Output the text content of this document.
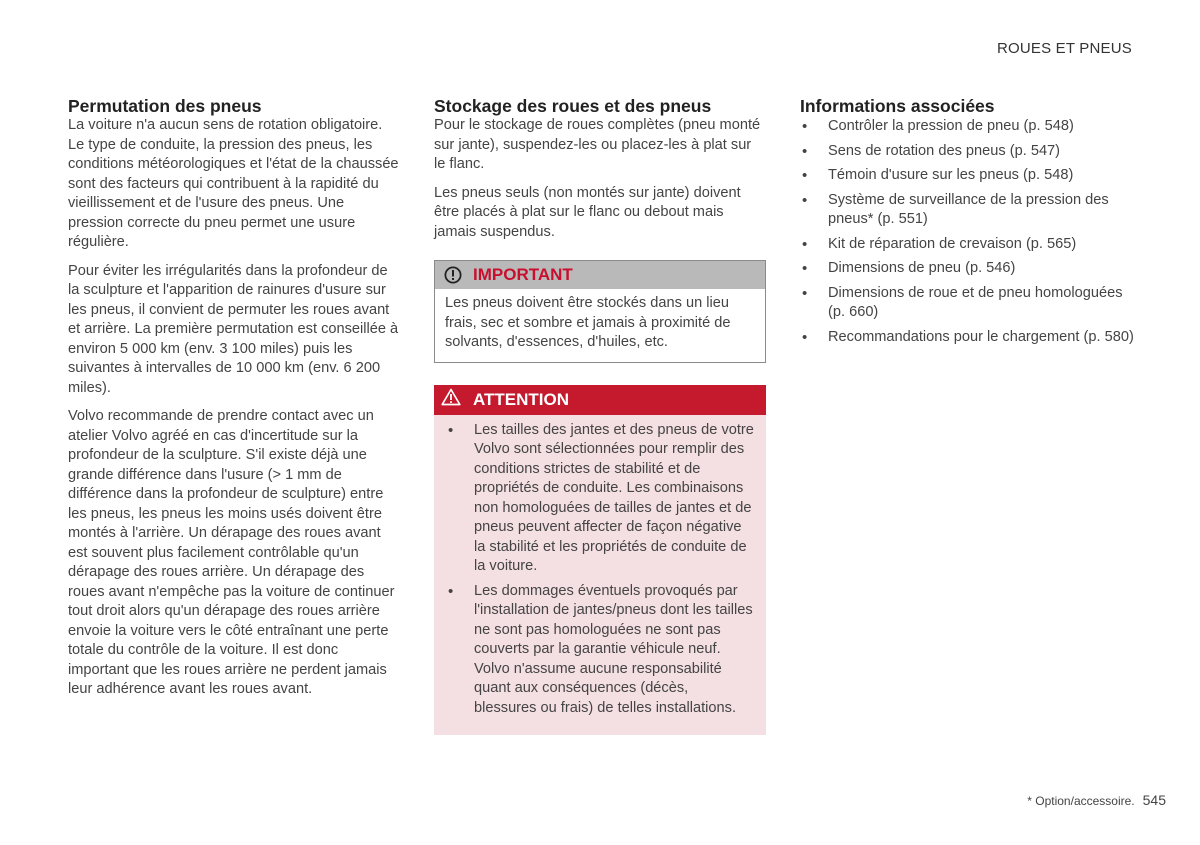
ROUES ET PNEUS
Permutation des pneus

La voiture n'a aucun sens de rotation obligatoire. Le type de conduite, la pression des pneus, les conditions météorologiques et l'état de la chaussée sont des facteurs qui contribuent à la rapidité du vieillissement et de l'usure des pneus. Une pression correcte du pneu permet une usure régulière.

Pour éviter les irrégularités dans la profondeur de la sculpture et l'apparition de rainures d'usure sur les pneus, il convient de permuter les roues avant et arrière. La première permutation est conseillée à environ 5 000 km (env. 3 100 miles) puis les suivantes à intervalles de 10 000 km (env. 6 200 miles).

Volvo recommande de prendre contact avec un atelier Volvo agréé en cas d'incertitude sur la profondeur de la sculpture. S'il existe déjà une grande différence dans l'usure (> 1 mm de différence dans la profondeur de sculpture) entre les pneus, les pneus les moins usés doivent être montés à l'arrière. Un dérapage des roues avant est souvent plus facilement contrôlable qu'un dérapage des roues arrière. Un dérapage des roues avant n'empêche pas la voiture de continuer tout droit alors qu'un dérapage des roues arrière envoie la voiture vers le côté entraînant une perte totale du contrôle de la voiture. Il est donc important que les roues arrière ne perdent jamais leur adhérence avant les roues avant.

Stockage des roues et des pneus

Pour le stockage de roues complètes (pneu monté sur jante), suspendez-les ou placez-les à plat sur le flanc.

Les pneus seuls (non montés sur jante) doivent être placés à plat sur le flanc ou debout mais jamais suspendus.

IMPORTANT

Les pneus doivent être stockés dans un lieu frais, sec et sombre et jamais à proximité de solvants, d'essences, d'huiles, etc.

ATTENTION
• Les tailles des jantes et des pneus de votre Volvo sont sélectionnées pour remplir des conditions strictes de stabilité et de propriétés de conduite. Les combinaisons non homologuées de tailles de jantes et de pneus peuvent affecter de façon négative la stabilité et les propriétés de conduite de la voiture.
• Les dommages éventuels provoqués par l'installation de jantes/pneus dont les tailles ne sont pas homologuées ne sont pas couverts par la garantie véhicule neuf. Volvo n'assume aucune responsabilité quant aux conséquences (décès, blessures ou frais) de telles installations.
Informations associées
• Contrôler la pression de pneu (p. 548)
• Sens de rotation des pneus (p. 547)
• Témoin d'usure sur les pneus (p. 548)
• Système de surveillance de la pression des pneus* (p. 551)
• Kit de réparation de crevaison (p. 565)
• Dimensions de pneu (p. 546)
• Dimensions de roue et de pneu homologuées (p. 660)
• Recommandations pour le chargement (p. 580)
* Option/accessoire. 545
